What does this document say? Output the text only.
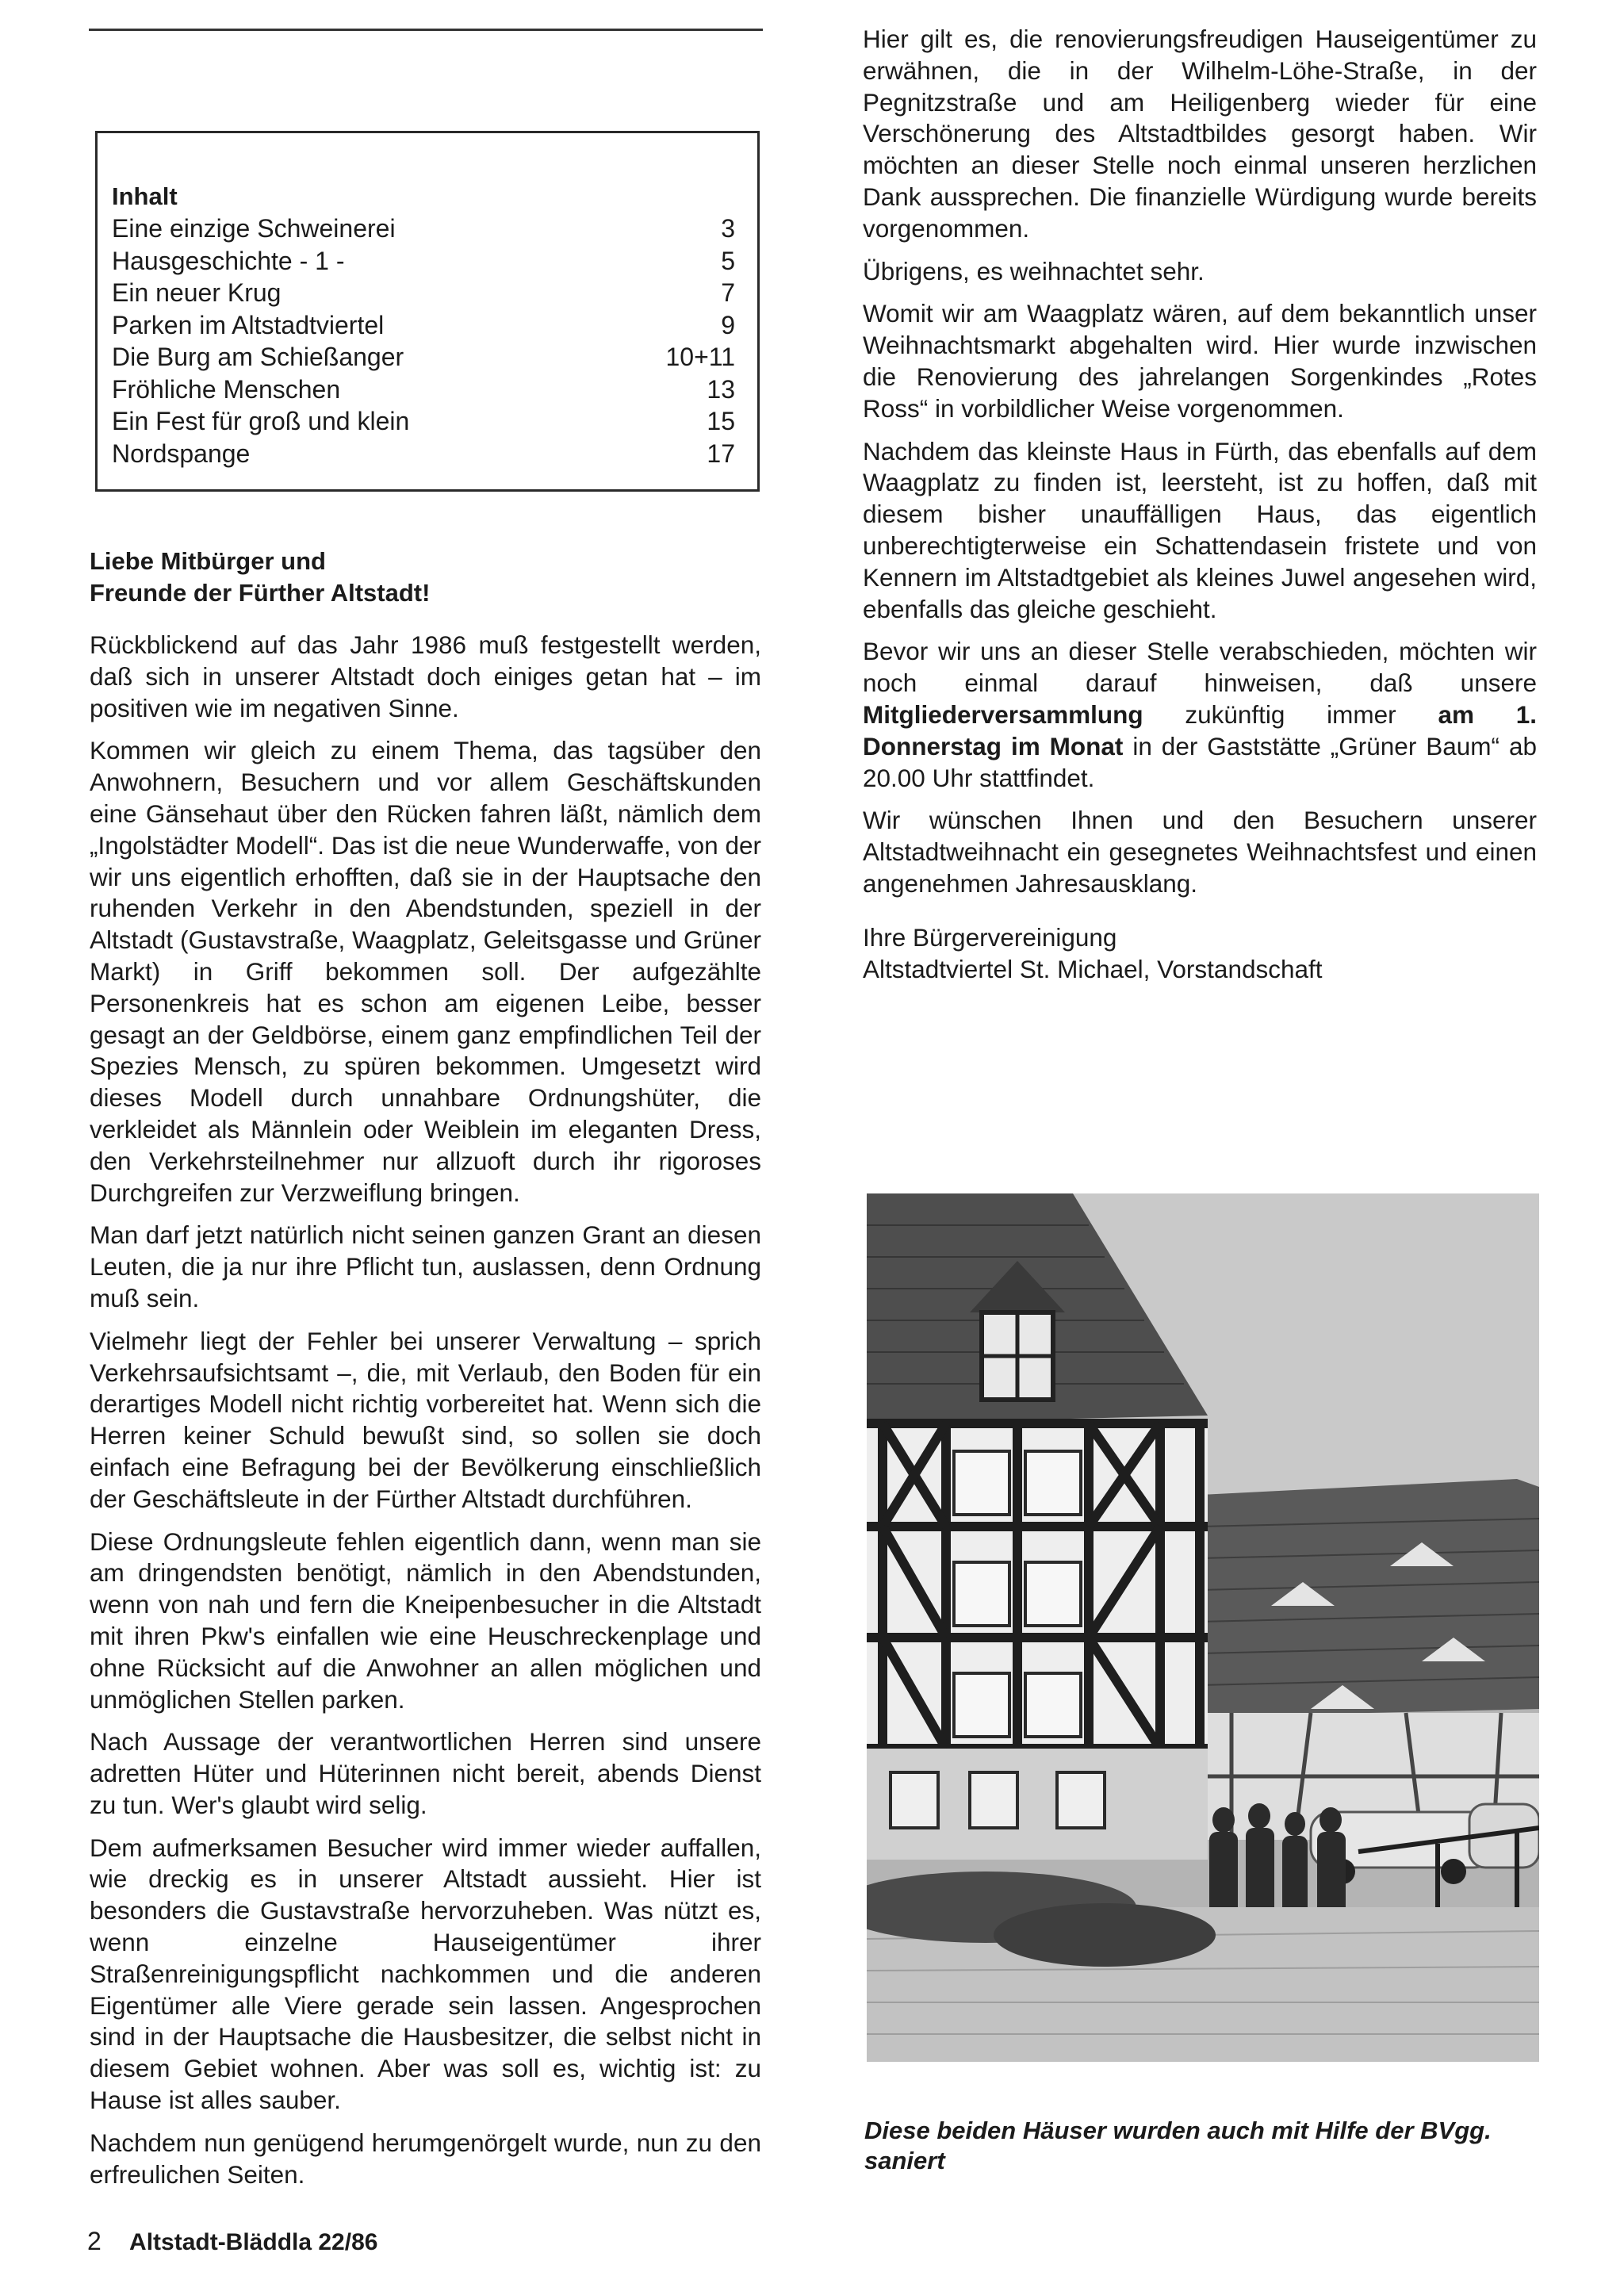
Inhalt
Eine einzige Schweinerei	3
Hausgeschichte - 1 -	5
Ein neuer Krug	7
Parken im Altstadtviertel	9
Die Burg am Schießanger	10+11
Fröhliche Menschen	13
Ein Fest für groß und klein	15
Nordspange	17

Liebe Mitbürger und
Freunde der Fürther Altstadt!

Rückblickend auf das Jahr 1986 muß festgestellt werden, daß sich in unserer Altstadt doch einiges getan hat – im positiven wie im negativen Sinne.

Kommen wir gleich zu einem Thema, das tagsüber den Anwohnern, Besuchern und vor allem Geschäftskunden eine Gänsehaut über den Rücken fahren läßt, nämlich dem „Ingolstädter Modell“. Das ist die neue Wunderwaffe, von der wir uns eigentlich erhofften, daß sie in der Hauptsache den ruhenden Verkehr in den Abendstunden, speziell in der Altstadt (Gustavstraße, Waagplatz, Geleitsgasse und Grüner Markt) in Griff bekommen soll. Der aufgezählte Personenkreis hat es schon am eigenen Leibe, besser gesagt an der Geldbörse, einem ganz empfindlichen Teil der Spezies Mensch, zu spüren bekommen. Umgesetzt wird dieses Modell durch unnahbare Ordnungshüter, die verkleidet als Männlein oder Weiblein im eleganten Dress, den Verkehrsteilnehmer nur allzuoft durch ihr rigoroses Durchgreifen zur Verzweiflung bringen.

Man darf jetzt natürlich nicht seinen ganzen Grant an diesen Leuten, die ja nur ihre Pflicht tun, auslassen, denn Ordnung muß sein.

Vielmehr liegt der Fehler bei unserer Verwaltung – sprich Verkehrsaufsichtsamt –, die, mit Verlaub, den Boden für ein derartiges Modell nicht richtig vorbereitet hat. Wenn sich die Herren keiner Schuld bewußt sind, so sollen sie doch einfach eine Befragung bei der Bevölkerung einschließlich der Geschäftsleute in der Fürther Altstadt durchführen.

Diese Ordnungsleute fehlen eigentlich dann, wenn man sie am dringendsten benötigt, nämlich in den Abendstunden, wenn von nah und fern die Kneipenbesucher in die Altstadt mit ihren Pkw's einfallen wie eine Heuschreckenplage und ohne Rücksicht auf die Anwohner an allen möglichen und unmöglichen Stellen parken.

Nach Aussage der verantwortlichen Herren sind unsere adretten Hüter und Hüterinnen nicht bereit, abends Dienst zu tun. Wer's glaubt wird selig.

Dem aufmerksamen Besucher wird immer wieder auffallen, wie dreckig es in unserer Altstadt aussieht. Hier ist besonders die Gustavstraße hervorzuheben. Was nützt es, wenn einzelne Hauseigentümer ihrer Straßenreinigungspflicht nachkommen und die anderen Eigentümer alle Viere gerade sein lassen. Angesprochen sind in der Hauptsache die Hausbesitzer, die selbst nicht in diesem Gebiet wohnen. Aber was soll es, wichtig ist: zu Hause ist alles sauber.

Nachdem nun genügend herumgenörgelt wurde, nun zu den erfreulichen Seiten.

Hier gilt es, die renovierungsfreudigen Hauseigentümer zu erwähnen, die in der Wilhelm-Löhe-Straße, in der Pegnitzstraße und am Heiligenberg wieder für eine Verschönerung des Altstadtbildes gesorgt haben. Wir möchten an dieser Stelle noch einmal unseren herzlichen Dank aussprechen. Die finanzielle Würdigung wurde bereits vorgenommen.

Übrigens, es weihnachtet sehr.

Womit wir am Waagplatz wären, auf dem bekanntlich unser Weihnachtsmarkt abgehalten wird. Hier wurde inzwischen die Renovierung des jahrelangen Sorgenkindes „Rotes Ross“ in vorbildlicher Weise vorgenommen.

Nachdem das kleinste Haus in Fürth, das ebenfalls auf dem Waagplatz zu finden ist, leersteht, ist zu hoffen, daß mit diesem bisher unauffälligen Haus, das eigentlich unberechtigterweise ein Schattendasein fristete und von Kennern im Altstadtgebiet als kleines Juwel angesehen wird, ebenfalls das gleiche geschieht.

Bevor wir uns an dieser Stelle verabschieden, möchten wir noch einmal darauf hinweisen, daß unsere Mitgliederversammlung zukünftig immer am 1. Donnerstag im Monat in der Gaststätte „Grüner Baum“ ab 20.00 Uhr stattfindet.

Wir wünschen Ihnen und den Besuchern unserer Altstadtweihnacht ein gesegnetes Weihnachtsfest und einen angenehmen Jahresausklang.

Ihre Bürgervereinigung
Altstadtviertel St. Michael, Vorstandschaft

Diese beiden Häuser wurden auch mit Hilfe der BVgg. saniert
2 Altstadt-Bläddla 22/86
